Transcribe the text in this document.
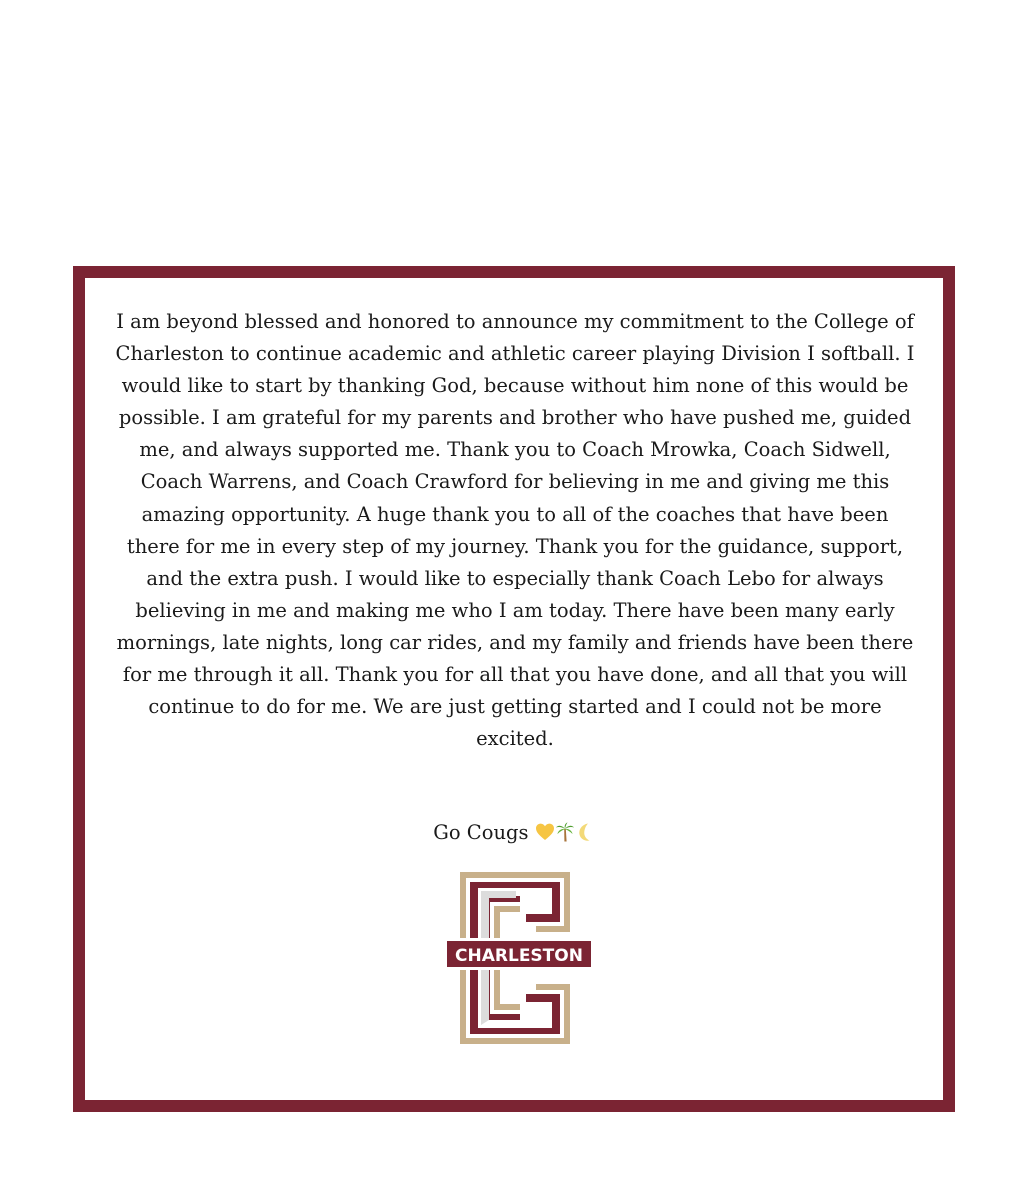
I am beyond blessed and honored to announce my commitment to the College of Charleston to continue academic and athletic career playing Division I softball. I would like to start by thanking God, because without him none of this would be possible. I am grateful for my parents and brother who have pushed me, guided me, and always supported me. Thank you to Coach Mrowka, Coach Sidwell, Coach Warrens, and Coach Crawford for believing in me and giving me this amazing opportunity. A huge thank you to all of the coaches that have been there for me in every step of my journey. Thank you for the guidance, support, and the extra push. I would like to especially thank Coach Lebo for always believing in me and making me who I am today. There have been many early mornings, late nights, long car rides, and my family and friends have been there for me through it all. Thank you for all that you have done, and all that you will continue to do for me. We are just getting started and I could not be more excited.

Go Cougs
CHARLESTON
